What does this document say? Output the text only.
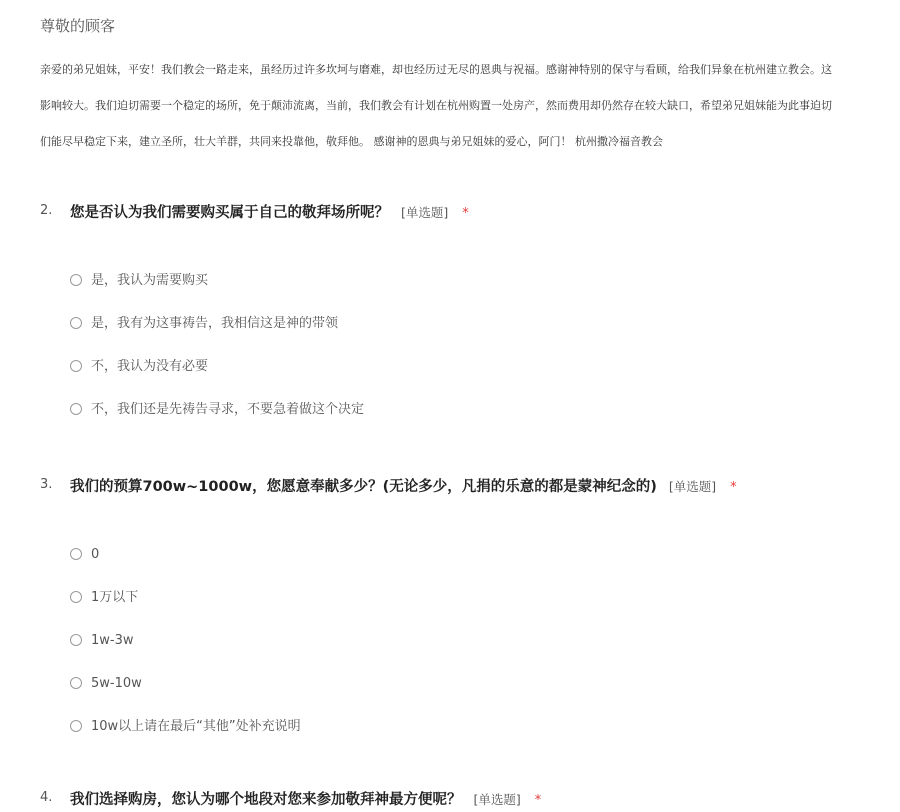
尊敬的顾客
亲爱的弟兄姐妹，平安！我们教会一路走来，虽经历过许多坎坷与磨难，却也经历过无尽的恩典与祝福。感谢神特别的保守与看顾，给我们异象在杭州建立教会。这
影响较大。我们迫切需要一个稳定的场所，免于颠沛流离，当前，我们教会有计划在杭州购置一处房产，然而费用却仍然存在较大缺口，希望弟兄姐妹能为此事迫切
们能尽早稳定下来，建立圣所，壮大羊群，共同来投靠他，敬拜他。 感谢神的恩典与弟兄姐妹的爱心，阿门！ 杭州撒冷福音教会
2. 您是否认为我们需要购买属于自己的敬拜场所呢？ [单选题] *
是，我认为需要购买
是，我有为这事祷告，我相信这是神的带领
不，我认为没有必要
不，我们还是先祷告寻求，不要急着做这个决定
3. 我们的预算700w~1000w，您愿意奉献多少？(无论多少，凡捐的乐意的都是蒙神纪念的) [单选题] *
0
1万以下
1w-3w
5w-10w
10w以上请在最后“其他”处补充说明
4. 我们选择购房，您认为哪个地段对您来参加敬拜神最方便呢？ [单选题] *
